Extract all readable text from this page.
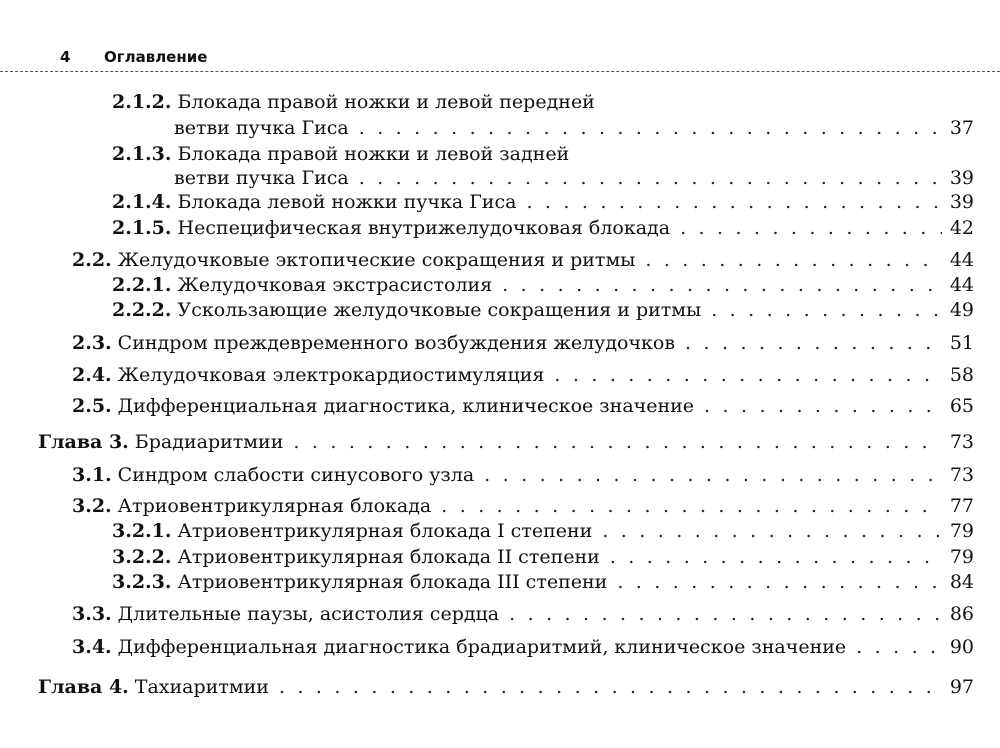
4 Оглавление
2.1.2. Блокада правой ножки и левой передней
ветви пучка Гиса . . .	37
2.1.3. Блокада правой ножки и левой задней
ветви пучка Гиса . . .	39
2.1.4. Блокада левой ножки пучка Гиса . . .	39
2.1.5. Неспецифическая внутрижелудочковая блокада . . .	42
2.2. Желудочковые эктопические сокращения и ритмы . . .	44
2.2.1. Желудочковая экстрасистолия . . .	44
2.2.2. Ускользающие желудочковые сокращения и ритмы . . .	49
2.3. Синдром преждевременного возбуждения желудочков . . .	51
2.4. Желудочковая электрокардиостимуляция . . .	58
2.5. Дифференциальная диагностика, клиническое значение . . .	65
Глава 3. Брадиаритмии . . .	73
3.1. Синдром слабости синусового узла . . .	73
3.2. Атриовентрикулярная блокада . . .	77
3.2.1. Атриовентрикулярная блокада I степени . . .	79
3.2.2. Атриовентрикулярная блокада II степени . . .	79
3.2.3. Атриовентрикулярная блокада III степени . . .	84
3.3. Длительные паузы, асистолия сердца . . .	86
3.4. Дифференциальная диагностика брадиаритмий, клиническое значение . . .	90
Глава 4. Тахиаритмии . . .	97
